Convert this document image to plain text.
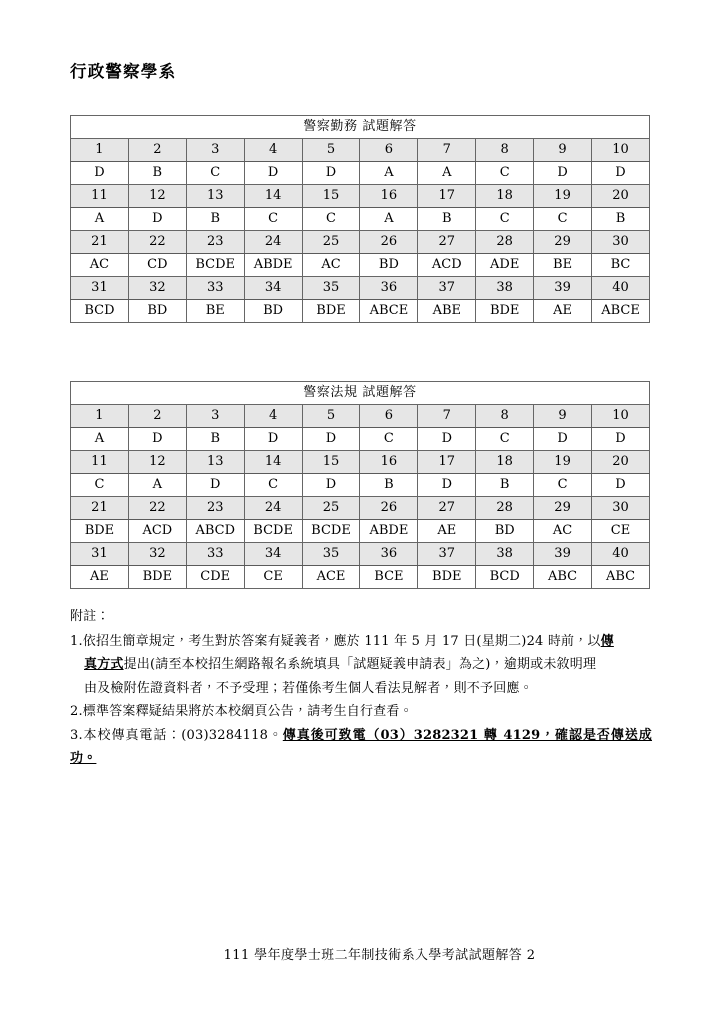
行政警察學系
警察勤務 試題解答									
1	2	3	4	5	6	7	8	9	10
D	B	C	D	D	A	A	C	D	D
11	12	13	14	15	16	17	18	19	20
A	D	B	C	C	A	B	C	C	B
21	22	23	24	25	26	27	28	29	30
AC	CD	BCDE	ABDE	AC	BD	ACD	ADE	BE	BC
31	32	33	34	35	36	37	38	39	40
BCD	BD	BE	BD	BDE	ABCE	ABE	BDE	AE	ABCE
警察法規 試題解答									
1	2	3	4	5	6	7	8	9	10
A	D	B	D	D	C	D	C	D	D
11	12	13	14	15	16	17	18	19	20
C	A	D	C	D	B	D	B	C	D
21	22	23	24	25	26	27	28	29	30
BDE	ACD	ABCD	BCDE	BCDE	ABDE	AE	BD	AC	CE
31	32	33	34	35	36	37	38	39	40
AE	BDE	CDE	CE	ACE	BCE	BDE	BCD	ABC	ABC

附註：

1.依招生簡章規定，考生對於答案有疑義者，應於 111 年 5 月 17 日(星期二)24 時前，以傳
真方式提出(請至本校招生網路報名系統填具「試題疑義申請表」為之)，逾期或未敘明理
由及檢附佐證資料者，不予受理；若僅係考生個人看法見解者，則不予回應。

2.標準答案釋疑結果將於本校網頁公告，請考生自行查看。

3.本校傳真電話：(03)3284118。傳真後可致電（03）3282321 轉 4129，確認是否傳送成功。

111 學年度學士班二年制技術系入學考試試題解答 2
